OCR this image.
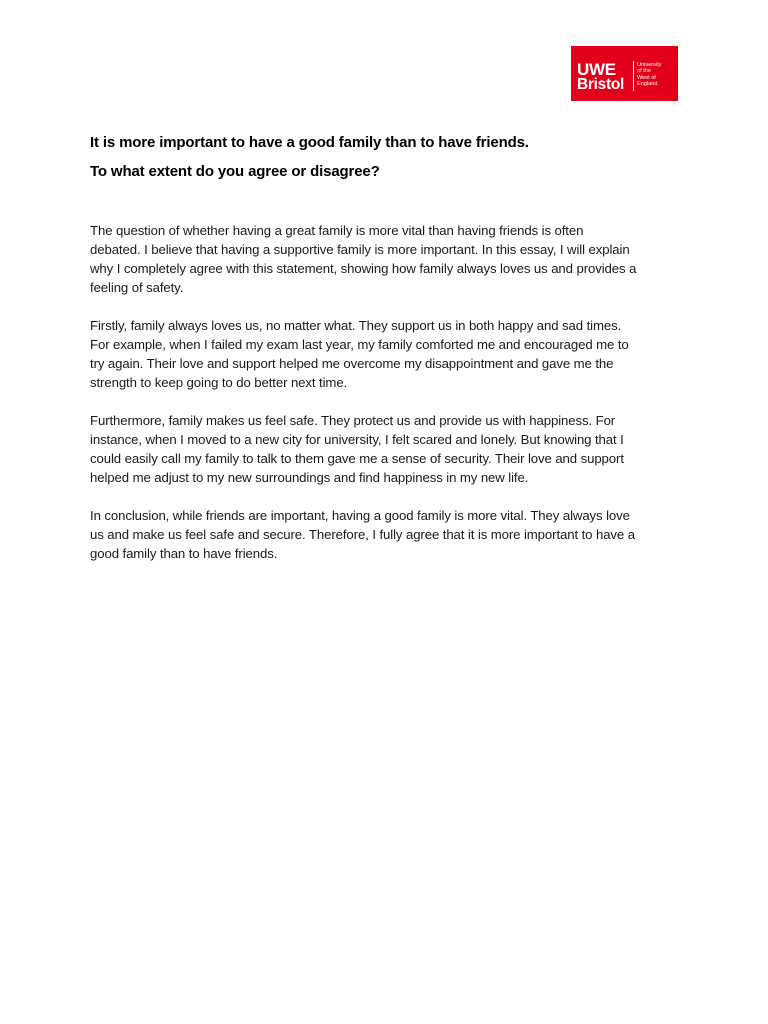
UWE
Bristol
University
of the
West of
England
It is more important to have a good family than to have friends.
To what extent do you agree or disagree?

The question of whether having a great family is more vital than having friends is often
debated. I believe that having a supportive family is more important. In this essay, I will explain
why I completely agree with this statement, showing how family always loves us and provides a
feeling of safety.

Firstly, family always loves us, no matter what. They support us in both happy and sad times.
For example, when I failed my exam last year, my family comforted me and encouraged me to
try again. Their love and support helped me overcome my disappointment and gave me the
strength to keep going to do better next time.

Furthermore, family makes us feel safe. They protect us and provide us with happiness. For
instance, when I moved to a new city for university, I felt scared and lonely. But knowing that I
could easily call my family to talk to them gave me a sense of security. Their love and support
helped me adjust to my new surroundings and find happiness in my new life.

In conclusion, while friends are important, having a good family is more vital. They always love
us and make us feel safe and secure. Therefore, I fully agree that it is more important to have a
good family than to have friends.
